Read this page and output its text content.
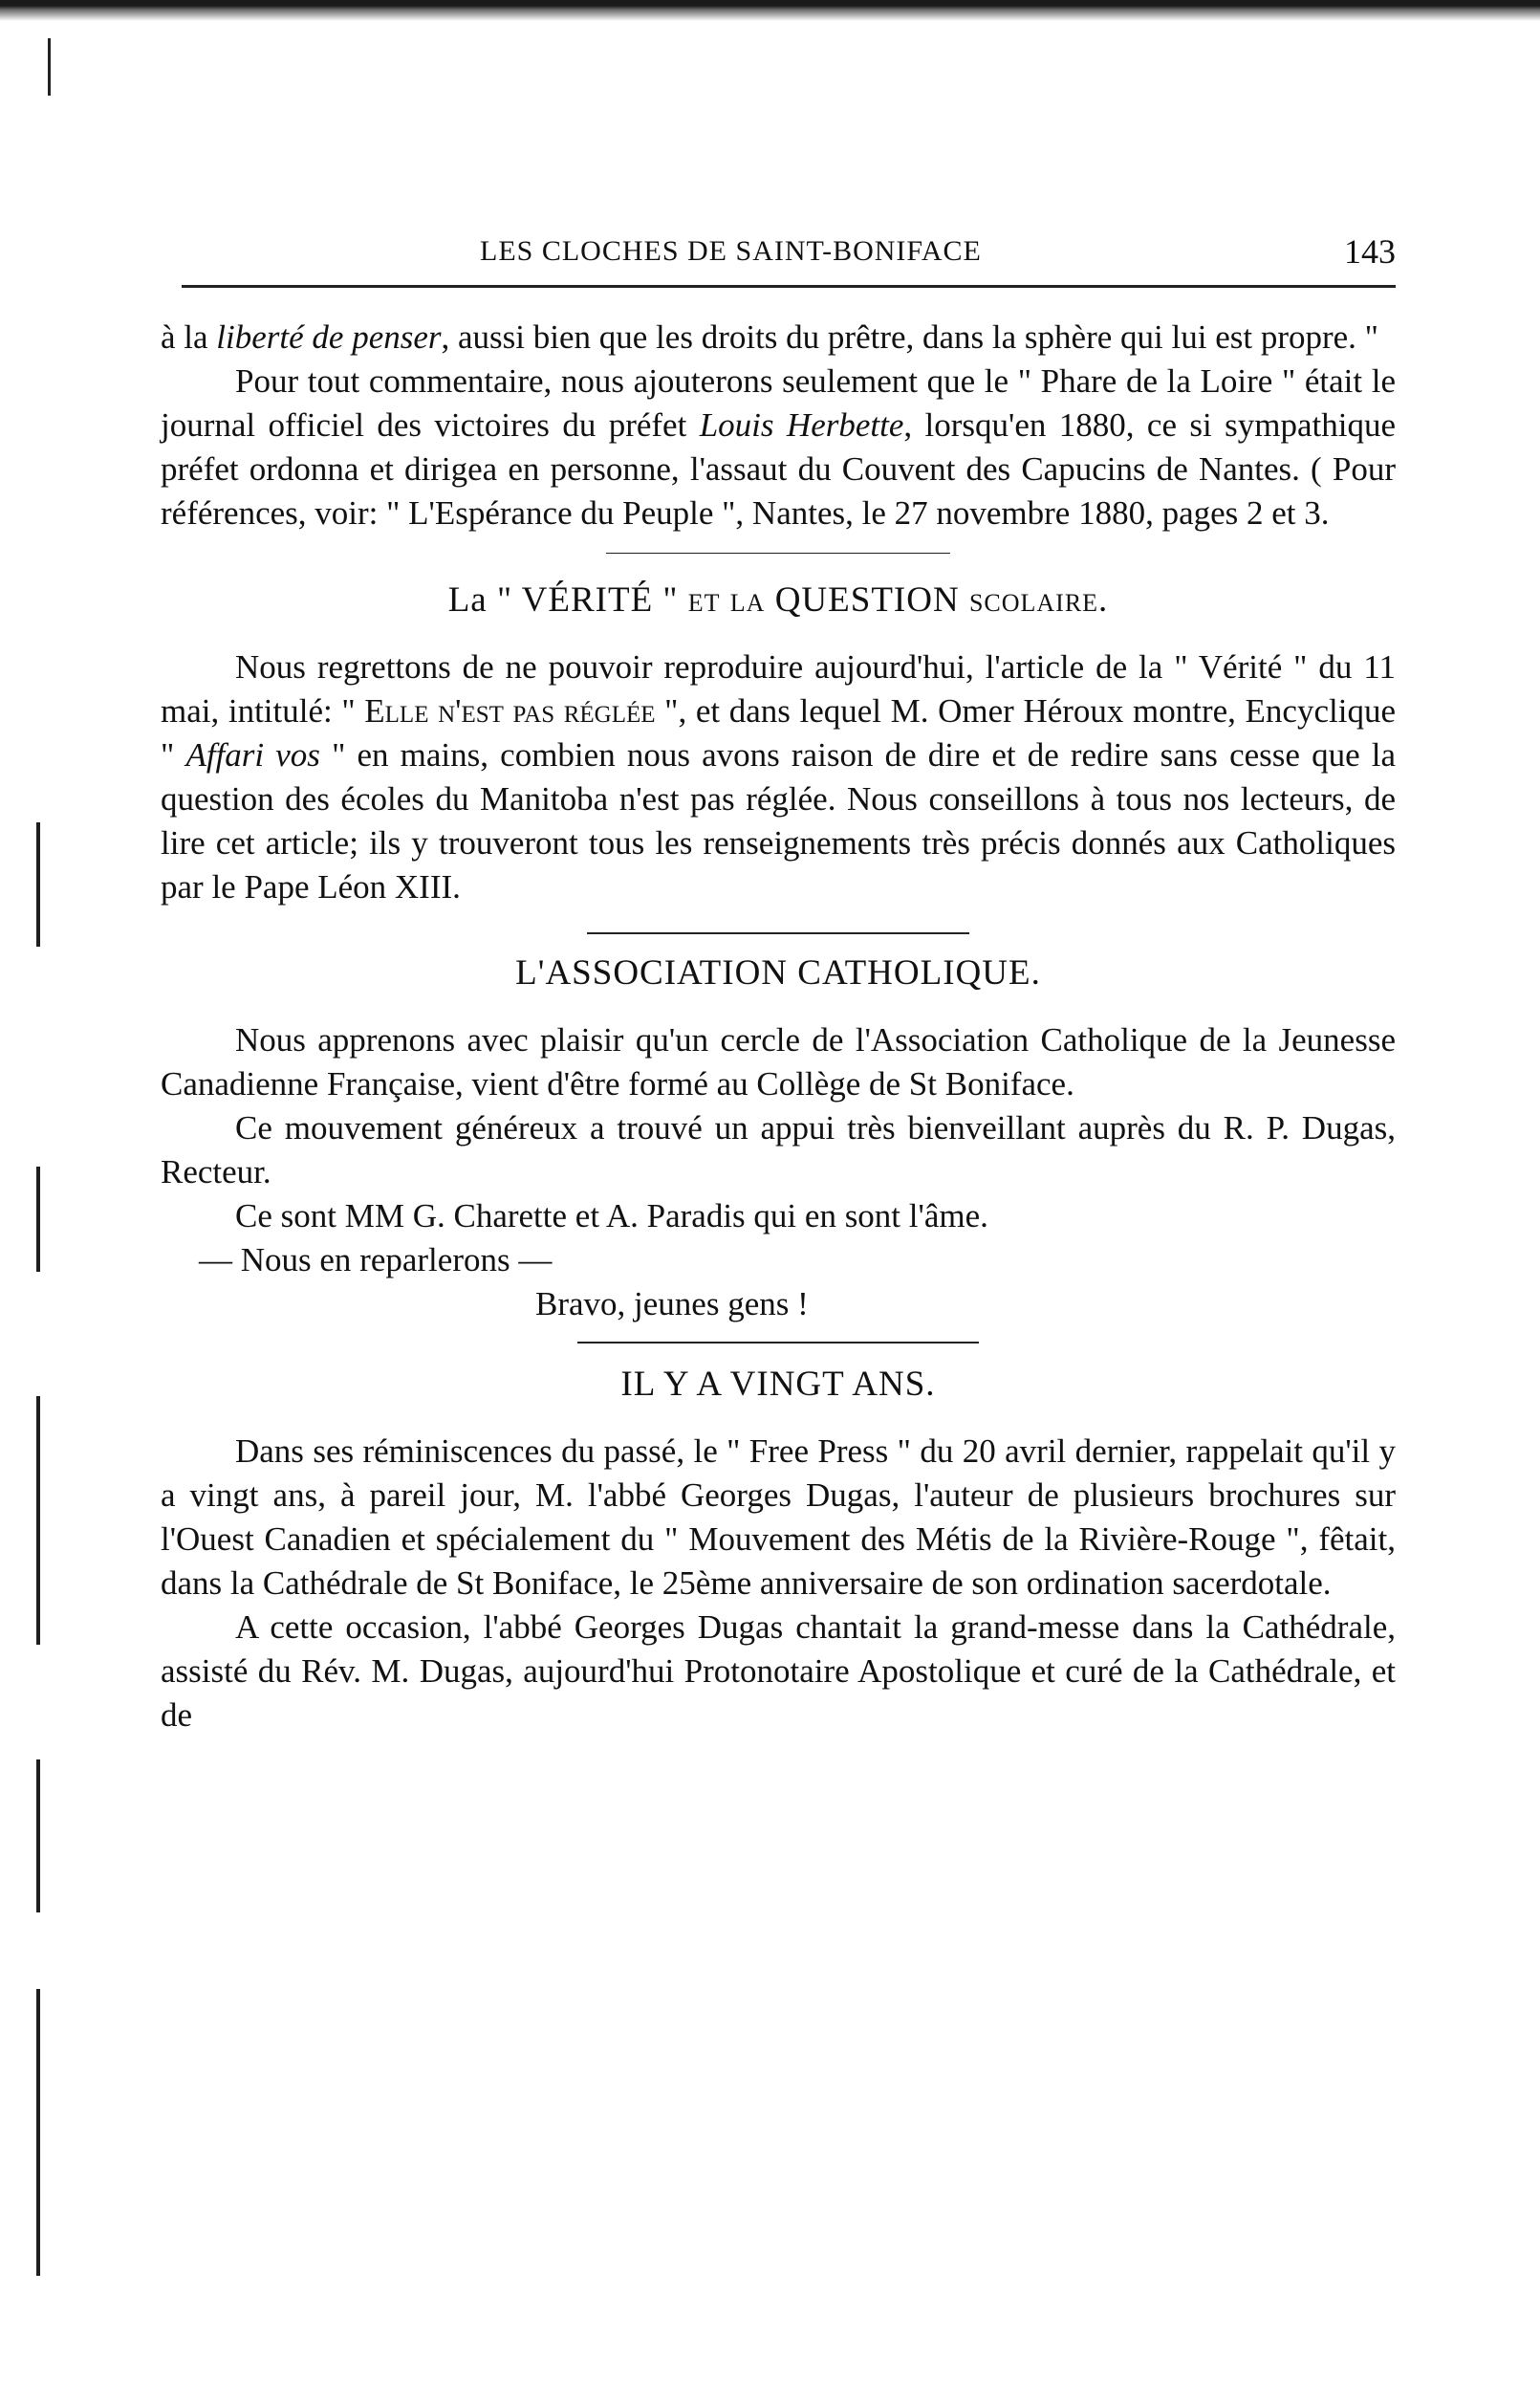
LES CLOCHES DE SAINT-BONIFACE	143

à la liberté de penser, aussi bien que les droits du prêtre, dans la sphère qui lui est propre. "

Pour tout commentaire, nous ajouterons seulement que le " Phare de la Loire " était le journal officiel des victoires du préfet Louis Herbette, lorsqu'en 1880, ce si sympathique préfet ordonna et dirigea en personne, l'assaut du Couvent des Capucins de Nantes. ( Pour références, voir: " L'Espérance du Peuple ", Nantes, le 27 novembre 1880, pages 2 et 3.

La " VÉRITÉ " et la QUESTION scolaire.

Nous regrettons de ne pouvoir reproduire aujourd'hui, l'article de la " Vérité " du 11 mai, intitulé: " Elle n'est pas réglée ", et dans lequel M. Omer Héroux montre, Encyclique " Affari vos " en mains, combien nous avons raison de dire et de redire sans cesse que la question des écoles du Manitoba n'est pas réglée. Nous conseillons à tous nos lecteurs, de lire cet article; ils y trouveront tous les renseignements très précis donnés aux Catholiques par le Pape Léon XIII.

L'ASSOCIATION CATHOLIQUE.

Nous apprenons avec plaisir qu'un cercle de l'Association Catholique de la Jeunesse Canadienne Française, vient d'être formé au Collège de St Boniface.

Ce mouvement généreux a trouvé un appui très bienveillant auprès du R. P. Dugas, Recteur.

Ce sont MM G. Charette et A. Paradis qui en sont l'âme.

— Nous en reparlerons —

Bravo, jeunes gens !

IL Y A VINGT ANS.

Dans ses réminiscences du passé, le " Free Press " du 20 avril dernier, rappelait qu'il y a vingt ans, à pareil jour, M. l'abbé Georges Dugas, l'auteur de plusieurs brochures sur l'Ouest Canadien et spécialement du " Mouvement des Métis de la Rivière-Rouge ", fêtait, dans la Cathédrale de St Boniface, le 25ème anniversaire de son ordination sacerdotale.

A cette occasion, l'abbé Georges Dugas chantait la grand-messe dans la Cathédrale, assisté du Rév. M. Dugas, aujourd'hui Protonotaire Apostolique et curé de la Cathédrale, et de
